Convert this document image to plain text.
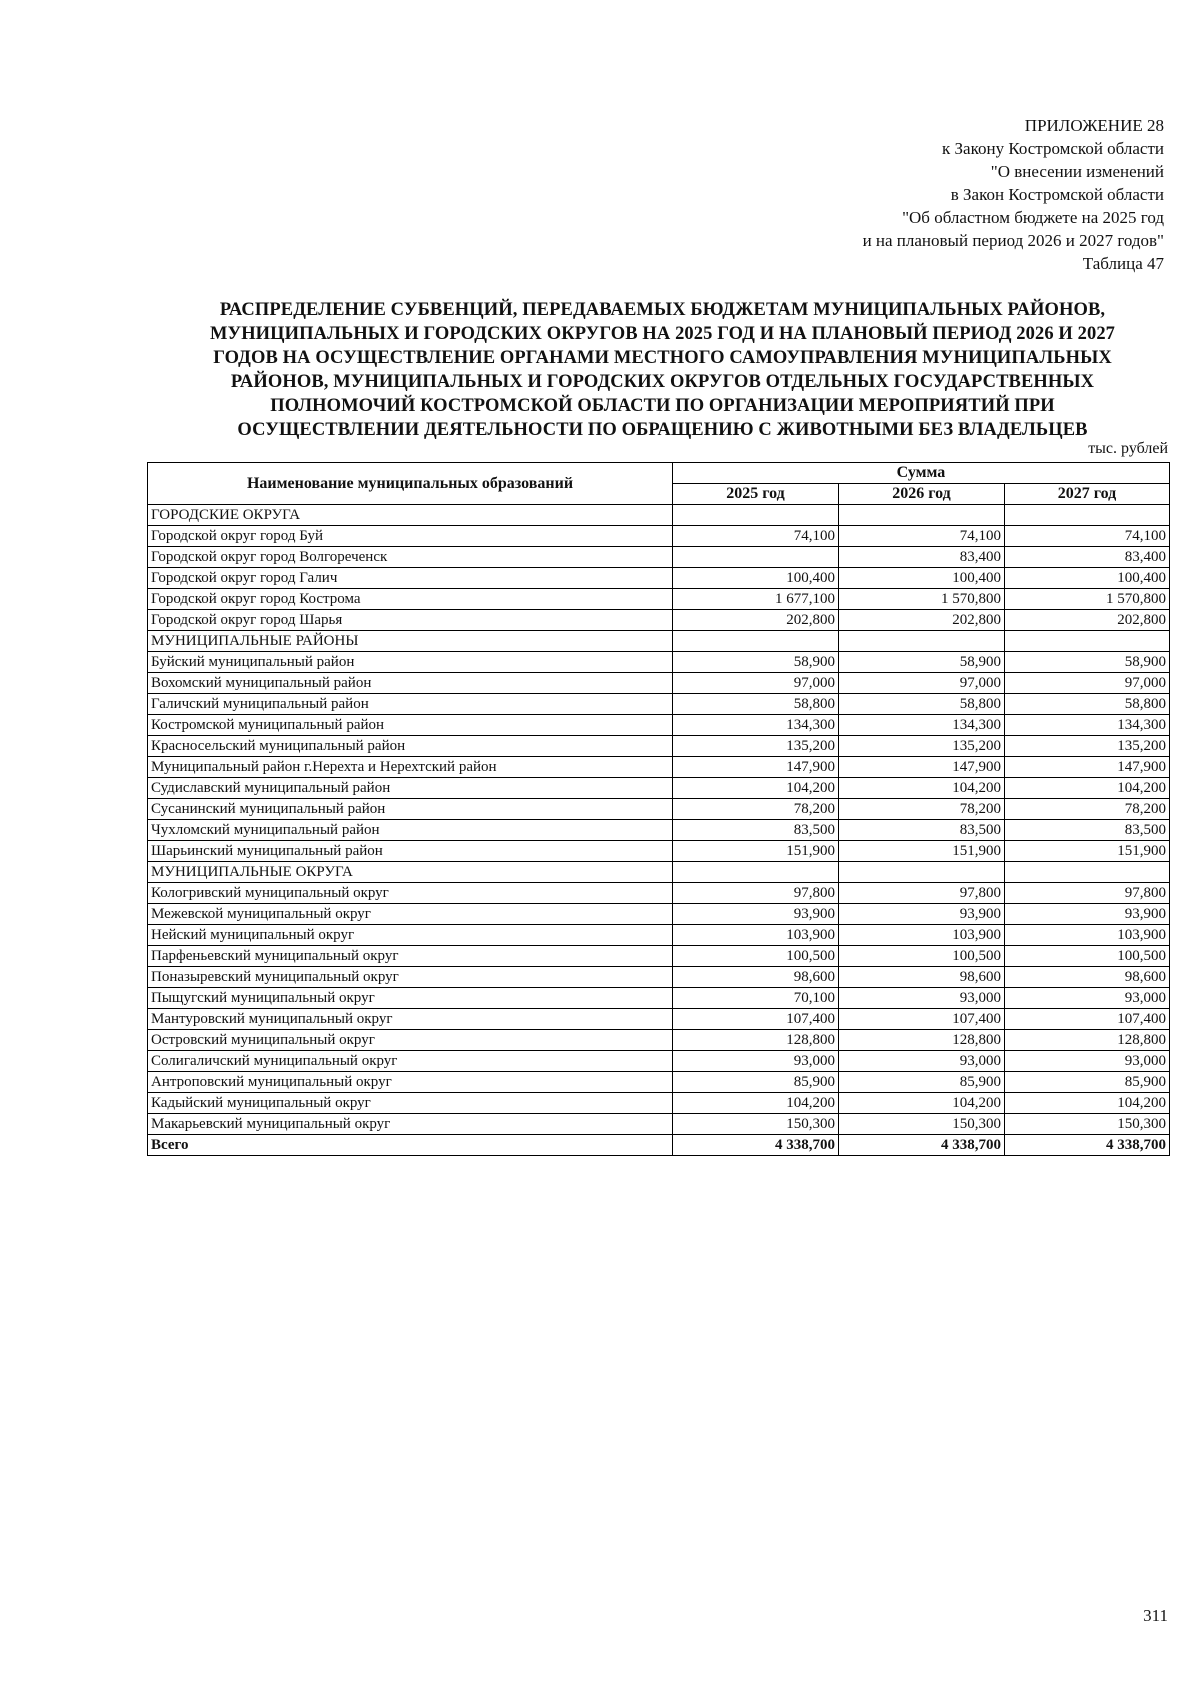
ПРИЛОЖЕНИЕ 28
к Закону Костромской области
"О внесении изменений
в Закон Костромской области
"Об областном бюджете на 2025 год
и на плановый период 2026 и 2027 годов"
Таблица 47
РАСПРЕДЕЛЕНИЕ СУБВЕНЦИЙ, ПЕРЕДАВАЕМЫХ БЮДЖЕТАМ МУНИЦИПАЛЬНЫХ РАЙОНОВ,
МУНИЦИПАЛЬНЫХ И ГОРОДСКИХ ОКРУГОВ НА 2025 ГОД И НА ПЛАНОВЫЙ ПЕРИОД 2026 И 2027
ГОДОВ НА ОСУЩЕСТВЛЕНИЕ ОРГАНАМИ МЕСТНОГО САМОУПРАВЛЕНИЯ МУНИЦИПАЛЬНЫХ
РАЙОНОВ, МУНИЦИПАЛЬНЫХ И ГОРОДСКИХ ОКРУГОВ ОТДЕЛЬНЫХ ГОСУДАРСТВЕННЫХ
ПОЛНОМОЧИЙ КОСТРОМСКОЙ ОБЛАСТИ ПО ОРГАНИЗАЦИИ МЕРОПРИЯТИЙ ПРИ
ОСУЩЕСТВЛЕНИИ ДЕЯТЕЛЬНОСТИ ПО ОБРАЩЕНИЮ С ЖИВОТНЫМИ БЕЗ ВЛАДЕЛЬЦЕВ
тыс. рублей
Наименование муниципальных образований	Сумма		
	2025 год	2026 год	2027 год
ГОРОДСКИЕ ОКРУГА			
Городской округ город Буй	74,100	74,100	74,100
Городской округ город Волгореченск		83,400	83,400
Городской округ город Галич	100,400	100,400	100,400
Городской округ город Кострома	1 677,100	1 570,800	1 570,800
Городской округ город Шарья	202,800	202,800	202,800
МУНИЦИПАЛЬНЫЕ РАЙОНЫ			
Буйский муниципальный район	58,900	58,900	58,900
Вохомский муниципальный район	97,000	97,000	97,000
Галичский муниципальный район	58,800	58,800	58,800
Костромской муниципальный район	134,300	134,300	134,300
Красносельский муниципальный район	135,200	135,200	135,200
Муниципальный район г.Нерехта и Нерехтский район	147,900	147,900	147,900
Судиславский муниципальный район	104,200	104,200	104,200
Сусанинский муниципальный район	78,200	78,200	78,200
Чухломский муниципальный район	83,500	83,500	83,500
Шарьинский муниципальный район	151,900	151,900	151,900
МУНИЦИПАЛЬНЫЕ ОКРУГА			
Кологривский муниципальный округ	97,800	97,800	97,800
Межевской муниципальный округ	93,900	93,900	93,900
Нейский муниципальный округ	103,900	103,900	103,900
Парфеньевский муниципальный округ	100,500	100,500	100,500
Поназыревский муниципальный округ	98,600	98,600	98,600
Пыщугский муниципальный округ	70,100	93,000	93,000
Мантуровский муниципальный округ	107,400	107,400	107,400
Островский муниципальный округ	128,800	128,800	128,800
Солигаличский муниципальный округ	93,000	93,000	93,000
Антроповский муниципальный округ	85,900	85,900	85,900
Кадыйский муниципальный округ	104,200	104,200	104,200
Макарьевский муниципальный округ	150,300	150,300	150,300
Всего	4 338,700	4 338,700	4 338,700
311
